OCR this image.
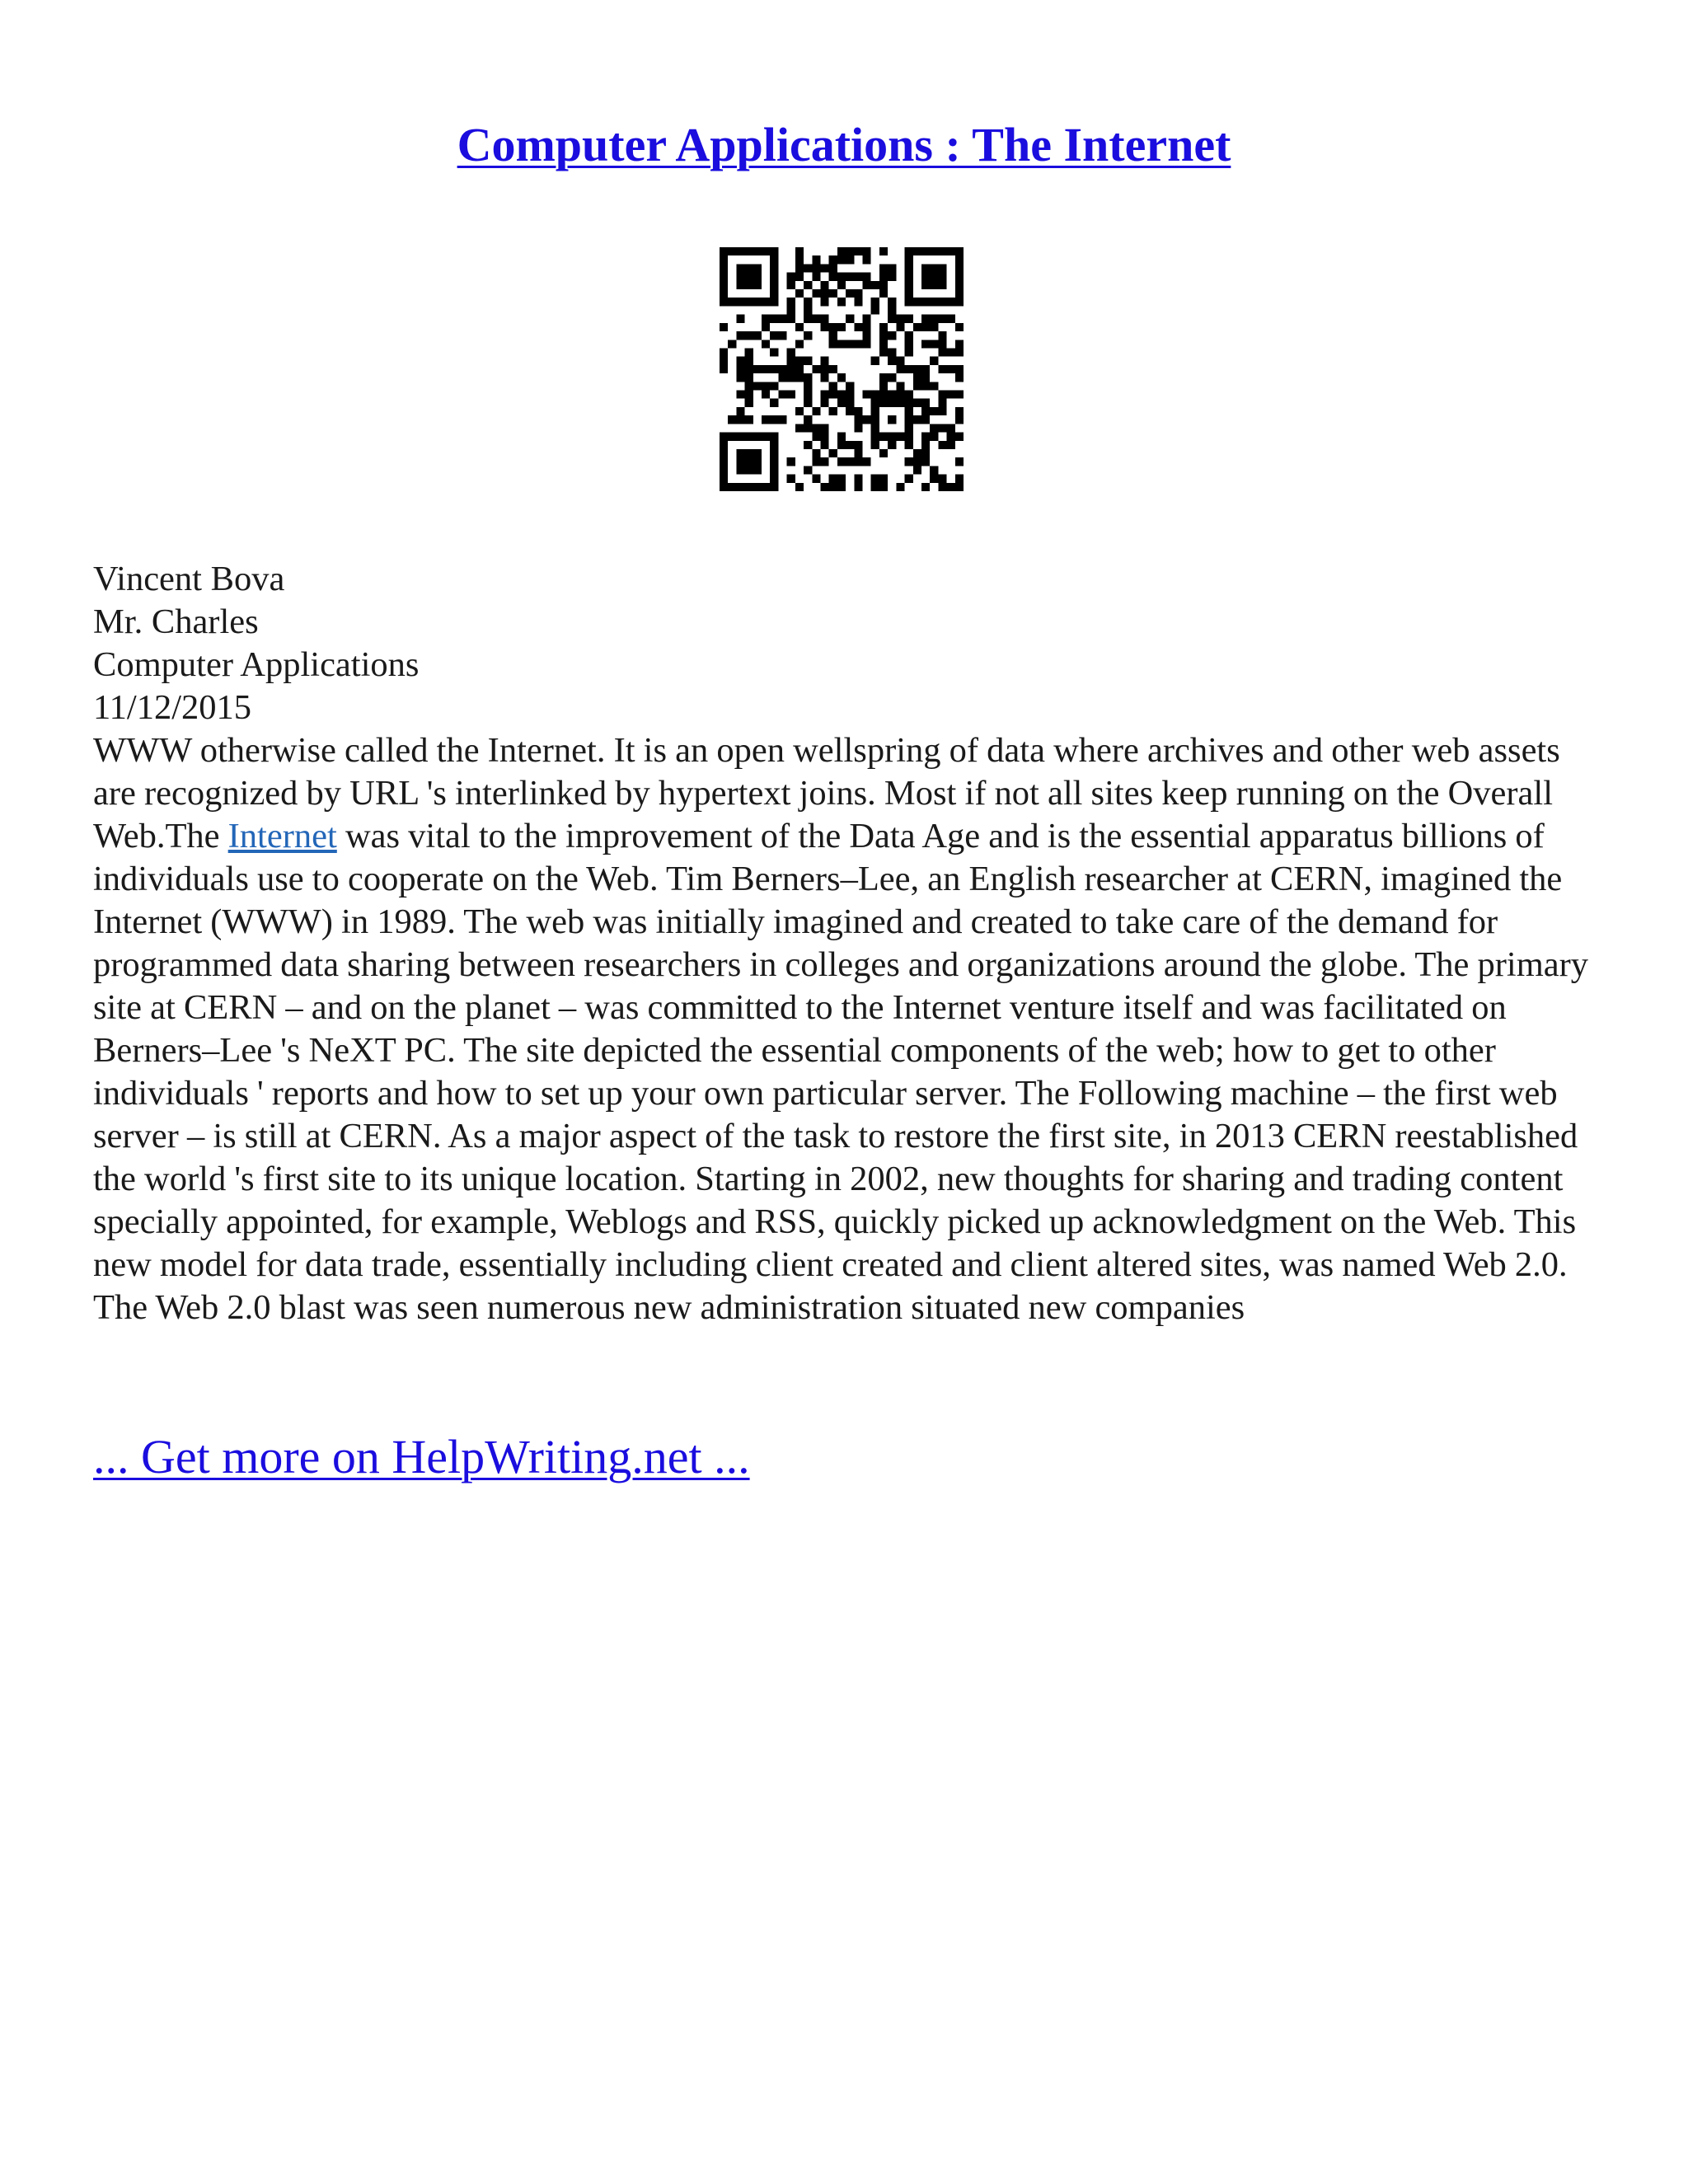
Computer Applications : The Internet
Vincent Bova
Mr. Charles
Computer Applications
11/12/2015
WWW otherwise called the Internet. It is an open wellspring of data where archives and other web assets are recognized by URL 's interlinked by hypertext joins. Most if not all sites keep running on the Overall Web.The Internet was vital to the improvement of the Data Age and is the essential apparatus billions of individuals use to cooperate on the Web. Tim Berners–Lee, an English researcher at CERN, imagined the Internet (WWW) in 1989. The web was initially imagined and created to take care of the demand for programmed data sharing between researchers in colleges and organizations around the globe. The primary site at CERN – and on the planet – was committed to the Internet venture itself and was facilitated on Berners–Lee 's NeXT PC. The site depicted the essential components of the web; how to get to other individuals ' reports and how to set up your own particular server. The Following machine – the first web server – is still at CERN. As a major aspect of the task to restore the first site, in 2013 CERN reestablished the world 's first site to its unique location. Starting in 2002, new thoughts for sharing and trading content specially appointed, for example, Weblogs and RSS, quickly picked up acknowledgment on the Web. This new model for data trade, essentially including client created and client altered sites, was named Web 2.0. The Web 2.0 blast was seen numerous new administration situated new companies
... Get more on HelpWriting.net ...
